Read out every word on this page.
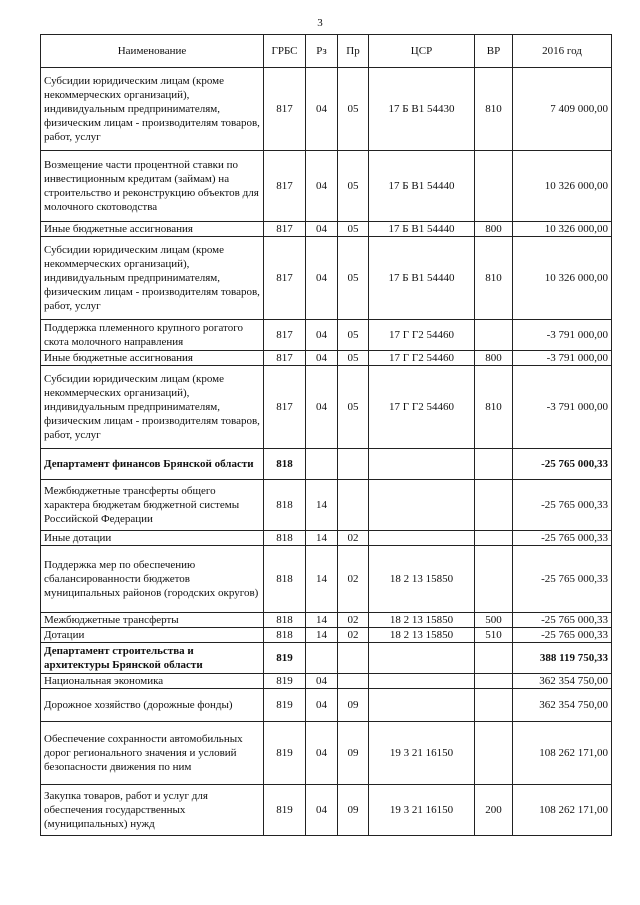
3
Наименование	ГРБС	Рз	Пр	ЦСР	ВР	2016 год
Субсидии юридическим лицам (кроме некоммерческих организаций), индивидуальным предпринимателям, физическим лицам - производителям товаров, работ, услуг	817	04	05	17 Б В1 54430	810	7 409 000,00
Возмещение части процентной ставки по инвестиционным кредитам (займам) на строительство и реконструкцию объектов для молочного скотоводства	817	04	05	17 Б В1 54440		10 326 000,00
Иные бюджетные ассигнования	817	04	05	17 Б В1 54440	800	10 326 000,00
Субсидии юридическим лицам (кроме некоммерческих организаций), индивидуальным предпринимателям, физическим лицам - производителям товаров, работ, услуг	817	04	05	17 Б В1 54440	810	10 326 000,00
Поддержка племенного крупного рогатого скота молочного направления	817	04	05	17 Г Г2 54460		-3 791 000,00
Иные бюджетные ассигнования	817	04	05	17 Г Г2 54460	800	-3 791 000,00
Субсидии юридическим лицам (кроме некоммерческих организаций), индивидуальным предпринимателям, физическим лицам - производителям товаров, работ, услуг	817	04	05	17 Г Г2 54460	810	-3 791 000,00
Департамент финансов Брянской области	818					-25 765 000,33
Межбюджетные трансферты общего характера бюджетам бюджетной системы Российской Федерации	818	14				-25 765 000,33
Иные дотации	818	14	02			-25 765 000,33
Поддержка мер по обеспечению сбалансированности бюджетов муниципальных районов (городских округов)	818	14	02	18 2 13 15850		-25 765 000,33
Межбюджетные трансферты	818	14	02	18 2 13 15850	500	-25 765 000,33
Дотации	818	14	02	18 2 13 15850	510	-25 765 000,33
Департамент строительства и архитектуры Брянской области	819					388 119 750,33
Национальная экономика	819	04				362 354 750,00
Дорожное хозяйство (дорожные фонды)	819	04	09			362 354 750,00
Обеспечение сохранности автомобильных дорог регионального значения и условий безопасности движения по ним	819	04	09	19 3 21 16150		108 262 171,00
Закупка товаров, работ и услуг для обеспечения государственных (муниципальных) нужд	819	04	09	19 3 21 16150	200	108 262 171,00
